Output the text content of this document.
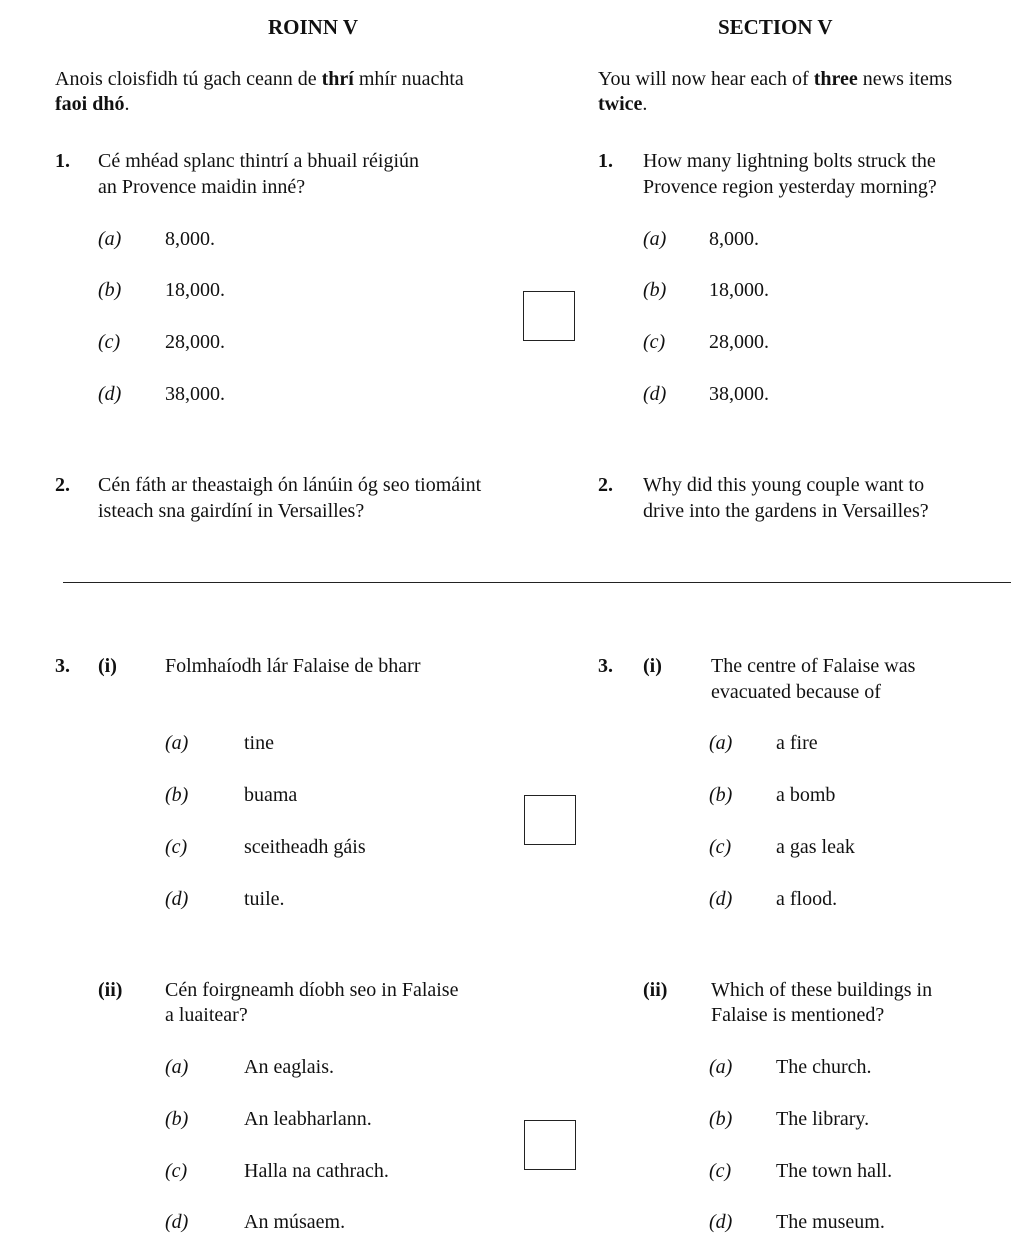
ROINN V	SECTION V
Anois cloisfidh tú gach ceann de thrí mhír nuachta
faoi dhó.
You will now hear each of three news items
twice.
1. Cé mhéad splanc thintrí a bhuail réigiún
an Provence maidin inné?
(a) 8,000.
(b) 18,000.
(c) 28,000.
(d) 38,000.
1. How many lightning bolts struck the
Provence region yesterday morning?
(a) 8,000.
(b) 18,000.
(c) 28,000.
(d) 38,000.
2. Cén fáth ar theastaigh ón lánúin óg seo tiomáint
isteach sna gairdíní in Versailles?
2. Why did this young couple want to
drive into the gardens in Versailles?
3. (i) Folmhaíodh lár Falaise de bharr
(a)	tine
(b)	buama
(c)	sceitheadh gáis
(d)	tuile.
3. (i) The centre of Falaise was
evacuated because of
(a) a fire
(b) a bomb
(c) a gas leak
(d) a flood.
(ii) Cén foirgneamh díobh seo in Falaise
a luaitear?
(a)	An eaglais.
(b)	An leabharlann.
(c)	Halla na cathrach.
(d)	An músaem.
(ii) Which of these buildings in
Falaise is mentioned?
(a) The church.
(b) The library.
(c) The town hall.
(d) The museum.
